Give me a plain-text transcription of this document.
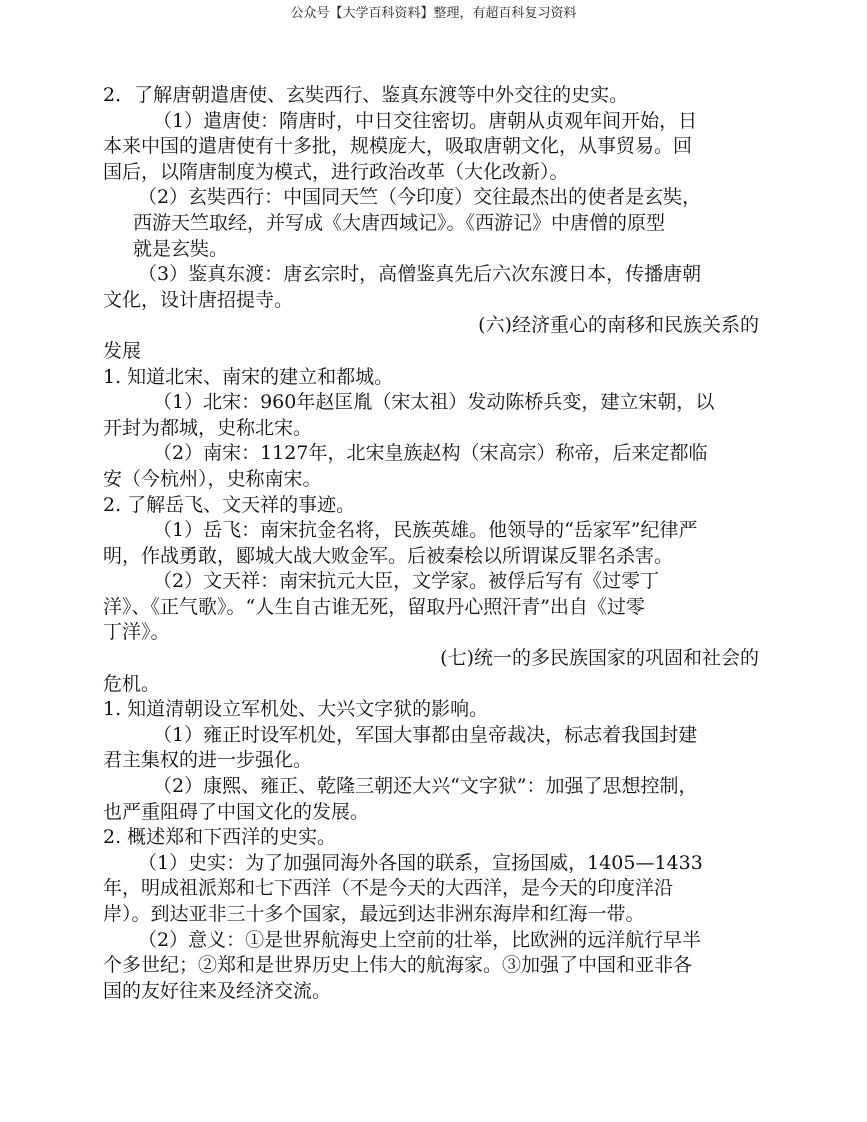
公众号【大学百科资料】整理，有超百科复习资料
2．了解唐朝遣唐使、玄奘西行、鉴真东渡等中外交往的史实。
（1）遣唐使：隋唐时，中日交往密切。唐朝从贞观年间开始，日
本来中国的遣唐使有十多批，规模庞大，吸取唐朝文化，从事贸易。回
国后，以隋唐制度为模式，进行政治改革（大化改新）。
（2）玄奘西行：中国同天竺（今印度）交往最杰出的使者是玄奘，
西游天竺取经，并写成《大唐西域记》。《西游记》中唐僧的原型
就是玄奘。
（3）鉴真东渡：唐玄宗时，高僧鉴真先后六次东渡日本，传播唐朝
文化，设计唐招提寺。
(六)经济重心的南移和民族关系的
发展
1. 知道北宋、南宋的建立和都城。
（1）北宋：960年赵匡胤（宋太祖）发动陈桥兵变，建立宋朝，以
开封为都城，史称北宋。
（2）南宋：1127年，北宋皇族赵构（宋高宗）称帝，后来定都临
安（今杭州），史称南宋。
2. 了解岳飞、文天祥的事迹。
（1）岳飞：南宋抗金名将，民族英雄。他领导的“岳家军”纪律严
明，作战勇敢，郾城大战大败金军。后被秦桧以所谓谋反罪名杀害。
（2）文天祥：南宋抗元大臣，文学家。被俘后写有《过零丁
洋》、《正气歌》。“人生自古谁无死，留取丹心照汗青”出自《过零
丁洋》。
(七)统一的多民族国家的巩固和社会的
危机。
1. 知道清朝设立军机处、大兴文字狱的影响。
（1）雍正时设军机处，军国大事都由皇帝裁决，标志着我国封建
君主集权的进一步强化。
（2）康熙、雍正、乾隆三朝还大兴“文字狱”：加强了思想控制，
也严重阻碍了中国文化的发展。
2. 概述郑和下西洋的史实。
（1）史实：为了加强同海外各国的联系，宣扬国威，1405—1433
年，明成祖派郑和七下西洋（不是今天的大西洋，是今天的印度洋沿
岸）。到达亚非三十多个国家，最远到达非洲东海岸和红海一带。
（2）意义：①是世界航海史上空前的壮举，比欧洲的远洋航行早半
个多世纪；②郑和是世界历史上伟大的航海家。③加强了中国和亚非各
国的友好往来及经济交流。
